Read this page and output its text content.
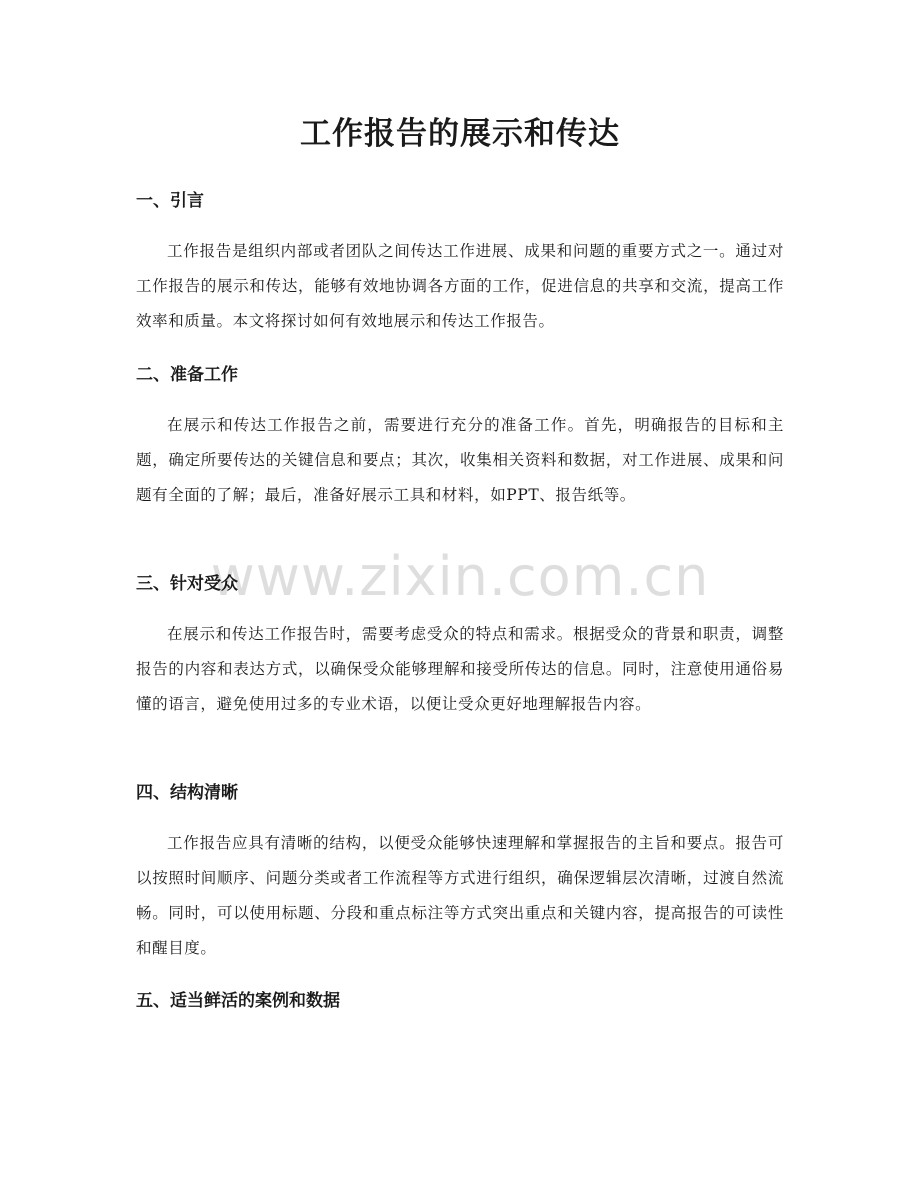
工作报告的展示和传达
一、引言

工作报告是组织内部或者团队之间传达工作进展、成果和问题的重要方式之一。通过对工作报告的展示和传达，能够有效地协调各方面的工作，促进信息的共享和交流，提高工作效率和质量。本文将探讨如何有效地展示和传达工作报告。

二、准备工作

在展示和传达工作报告之前，需要进行充分的准备工作。首先，明确报告的目标和主题，确定所要传达的关键信息和要点；其次，收集相关资料和数据，对工作进展、成果和问题有全面的了解；最后，准备好展示工具和材料，如PPT、报告纸等。

三、针对受众

在展示和传达工作报告时，需要考虑受众的特点和需求。根据受众的背景和职责，调整报告的内容和表达方式，以确保受众能够理解和接受所传达的信息。同时，注意使用通俗易懂的语言，避免使用过多的专业术语，以便让受众更好地理解报告内容。

四、结构清晰

工作报告应具有清晰的结构，以便受众能够快速理解和掌握报告的主旨和要点。报告可以按照时间顺序、问题分类或者工作流程等方式进行组织，确保逻辑层次清晰，过渡自然流畅。同时，可以使用标题、分段和重点标注等方式突出重点和关键内容，提高报告的可读性和醒目度。

五、适当鲜活的案例和数据
www.zixin.com.cn
